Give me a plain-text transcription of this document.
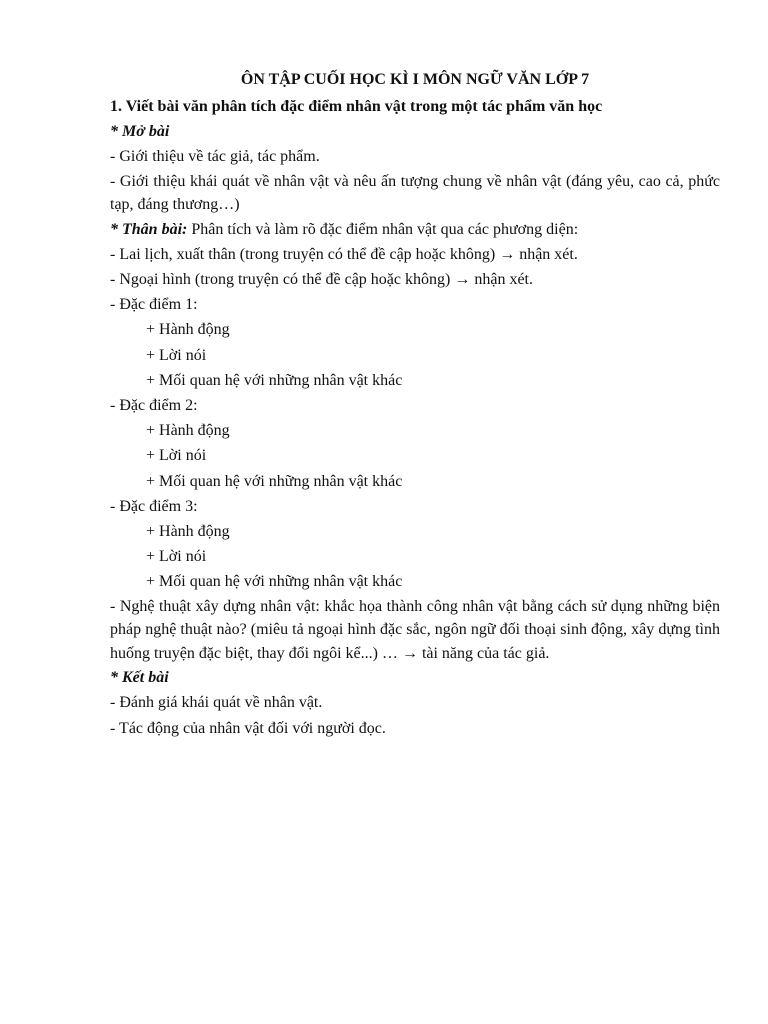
ÔN TẬP CUỐI HỌC KÌ I MÔN NGỮ VĂN LỚP 7

1. Viết bài văn phân tích đặc điểm nhân vật trong một tác phẩm văn học

* Mở bài

- Giới thiệu về tác giả, tác phẩm.

- Giới thiệu khái quát về nhân vật và nêu ấn tượng chung về nhân vật (đáng yêu, cao cả, phức tạp, đáng thương…)

* Thân bài: Phân tích và làm rõ đặc điểm nhân vật qua các phương diện:

- Lai lịch, xuất thân (trong truyện có thể đề cập hoặc không) → nhận xét.

- Ngoại hình (trong truyện có thể đề cập hoặc không) → nhận xét.

- Đặc điểm 1:

+ Hành động

+ Lời nói

+ Mối quan hệ với những nhân vật khác

- Đặc điểm 2:

+ Hành động

+ Lời nói

+ Mối quan hệ với những nhân vật khác

- Đặc điểm 3:

+ Hành động

+ Lời nói

+ Mối quan hệ với những nhân vật khác

- Nghệ thuật xây dựng nhân vật: khắc họa thành công nhân vật bằng cách sử dụng những biện pháp nghệ thuật nào? (miêu tả ngoại hình đặc sắc, ngôn ngữ đối thoại sinh động, xây dựng tình huống truyện đặc biệt, thay đổi ngôi kể...) … → tài năng của tác giả.

* Kết bài

- Đánh giá khái quát về nhân vật.

- Tác động của nhân vật đối với người đọc.
